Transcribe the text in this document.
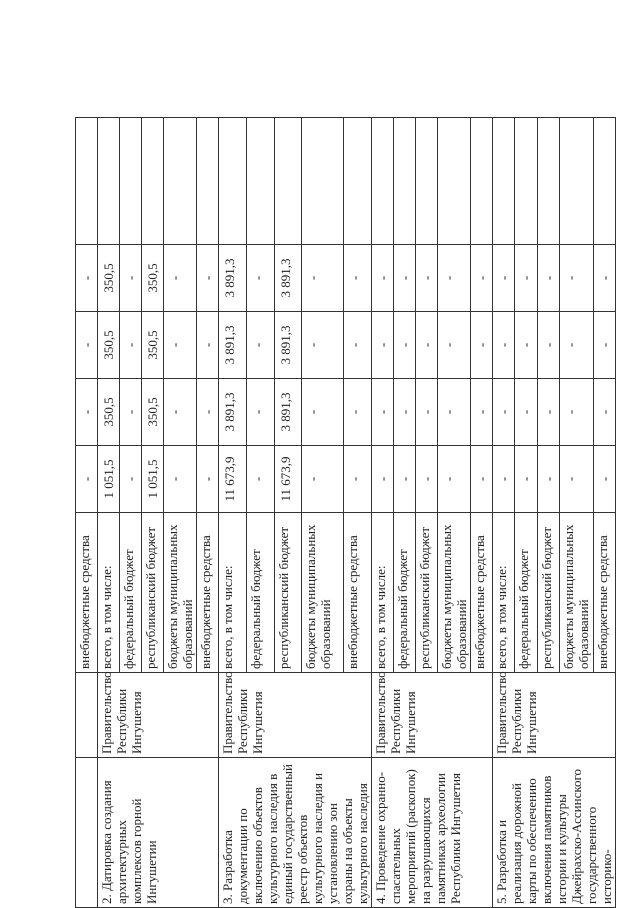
		внебюджетные средства	-	-	-	-	
2. Датировка создания архитектурных комплексов горной Ингушетии	Правительство Республики Ингушетия	всего, в том числе:	1 051,5	350,5	350,5	350,5	
		федеральный бюджет	-	-	-	-	
		республиканский бюджет	1 051,5	350,5	350,5	350,5	
		бюджеты муниципальных образований	-	-	-	-	
		внебюджетные средства	-	-	-	-	
3. Разработка документации по включению объектов культурного наследия в единый государственный реестр объектов культурного наследия и установлению зон охраны на объекты культурного наследия	Правительство Республики Ингушетия	всего, в том числе:	11 673,9	3 891,3	3 891,3	3 891,3	
		федеральный бюджет	-	-	-	-	
		республиканский бюджет	11 673,9	3 891,3	3 891,3	3 891,3	
		бюджеты муниципальных образований	-	-	-	-	
		внебюджетные средства	-	-	-	-	
4. Проведение охранно-спасательных мероприятий (раскопок) на разрушающихся памятниках археологии Республики Ингушетия	Правительство Республики Ингушетия	всего, в том числе:	-	-	-	-	
		федеральный бюджет	-	-	-	-	
		республиканский бюджет	-	-	-	-	
		бюджеты муниципальных образований	-	-	-	-	
		внебюджетные средства	-	-	-	-	
5. Разработка и реализация дорожной карты по обеспечению включения памятников истории и культуры Джейрахско-Ассинского государственного историко-	Правительство Республики Ингушетия	всего, в том числе:	-	-	-	-	
		федеральный бюджет	-	-	-	-	
		республиканский бюджет	-	-	-	-	
		бюджеты муниципальных образований	-	-	-	-	
		внебюджетные средства	-	-	-	-	
